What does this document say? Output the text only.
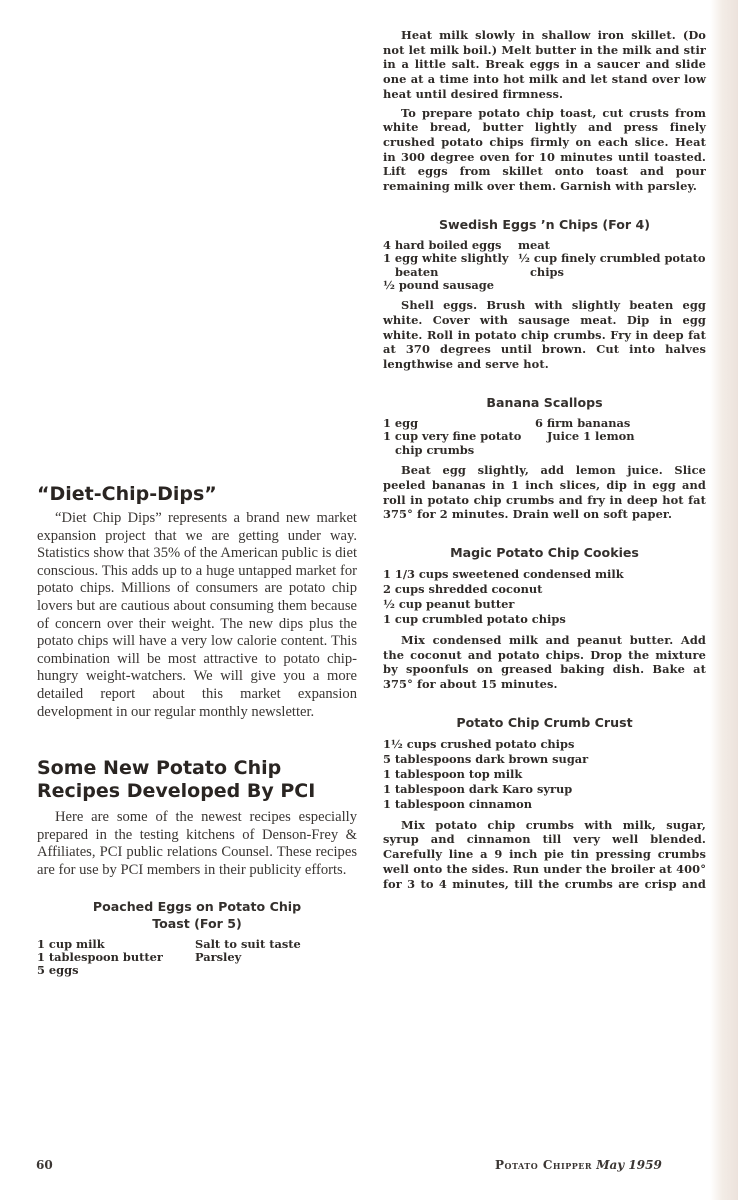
“Diet-Chip-Dips”

“Diet Chip Dips” represents a brand new market expansion project that we are getting under way. Statistics show that 35% of the American public is diet conscious. This adds up to a huge untapped market for potato chips. Millions of consumers are potato chip lovers but are cautious about consuming them because of concern over their weight. The new dips plus the potato chips will have a very low calorie content. This combination will be most attractive to potato chip-hungry weight-watchers. We will give you a more detailed report about this market expansion development in our regular monthly newsletter.

Some New Potato Chip
Recipes Developed By PCI

Here are some of the newest recipes especially prepared in the testing kitchens of Denson-Frey & Affiliates, PCI public relations Counsel. These recipes are for use by PCI members in their publicity efforts.

Poached Eggs on Potato Chip
Toast (For 5)
1 cup milk
1 tablespoon butter
5 eggs
Salt to suit taste
Parsley

Heat milk slowly in shallow iron skillet. (Do not let milk boil.) Melt butter in the milk and stir in a little salt. Break eggs in a saucer and slide one at a time into hot milk and let stand over low heat until desired firmness.

To prepare potato chip toast, cut crusts from white bread, butter lightly and press finely crushed potato chips firmly on each slice. Heat in 300 degree oven for 10 minutes until toasted. Lift eggs from skillet onto toast and pour remaining milk over them. Garnish with parsley.

Swedish Eggs ’n Chips (For 4)
4 hard boiled eggs
1 egg white slightly beaten
½ pound sausage
meat
½ cup finely crumbled potato chips

Shell eggs. Brush with slightly beaten egg white. Cover with sausage meat. Dip in egg white. Roll in potato chip crumbs. Fry in deep fat at 370 degrees until brown. Cut into halves lengthwise and serve hot.

Banana Scallops
1 egg
1 cup very fine potato chip crumbs
6 firm bananas
Juice 1 lemon

Beat egg slightly, add lemon juice. Slice peeled bananas in 1 inch slices, dip in egg and roll in potato chip crumbs and fry in deep hot fat 375° for 2 minutes. Drain well on soft paper.

Magic Potato Chip Cookies
1 1/3 cups sweetened condensed milk
2 cups shredded coconut
½ cup peanut butter
1 cup crumbled potato chips

Mix condensed milk and peanut butter. Add the coconut and potato chips. Drop the mixture by spoonfuls on greased baking dish. Bake at 375° for about 15 minutes.

Potato Chip Crumb Crust
1½ cups crushed potato chips
5 tablespoons dark brown sugar
1 tablespoon top milk
1 tablespoon dark Karo syrup
1 tablespoon cinnamon

Mix potato chip crumbs with milk, sugar, syrup and cinnamon till very well blended. Carefully line a 9 inch pie tin pressing crumbs well onto the sides. Run under the broiler at 400° for 3 to 4 minutes, till the crumbs are crisp and

60	Potato Chipper May 1959
